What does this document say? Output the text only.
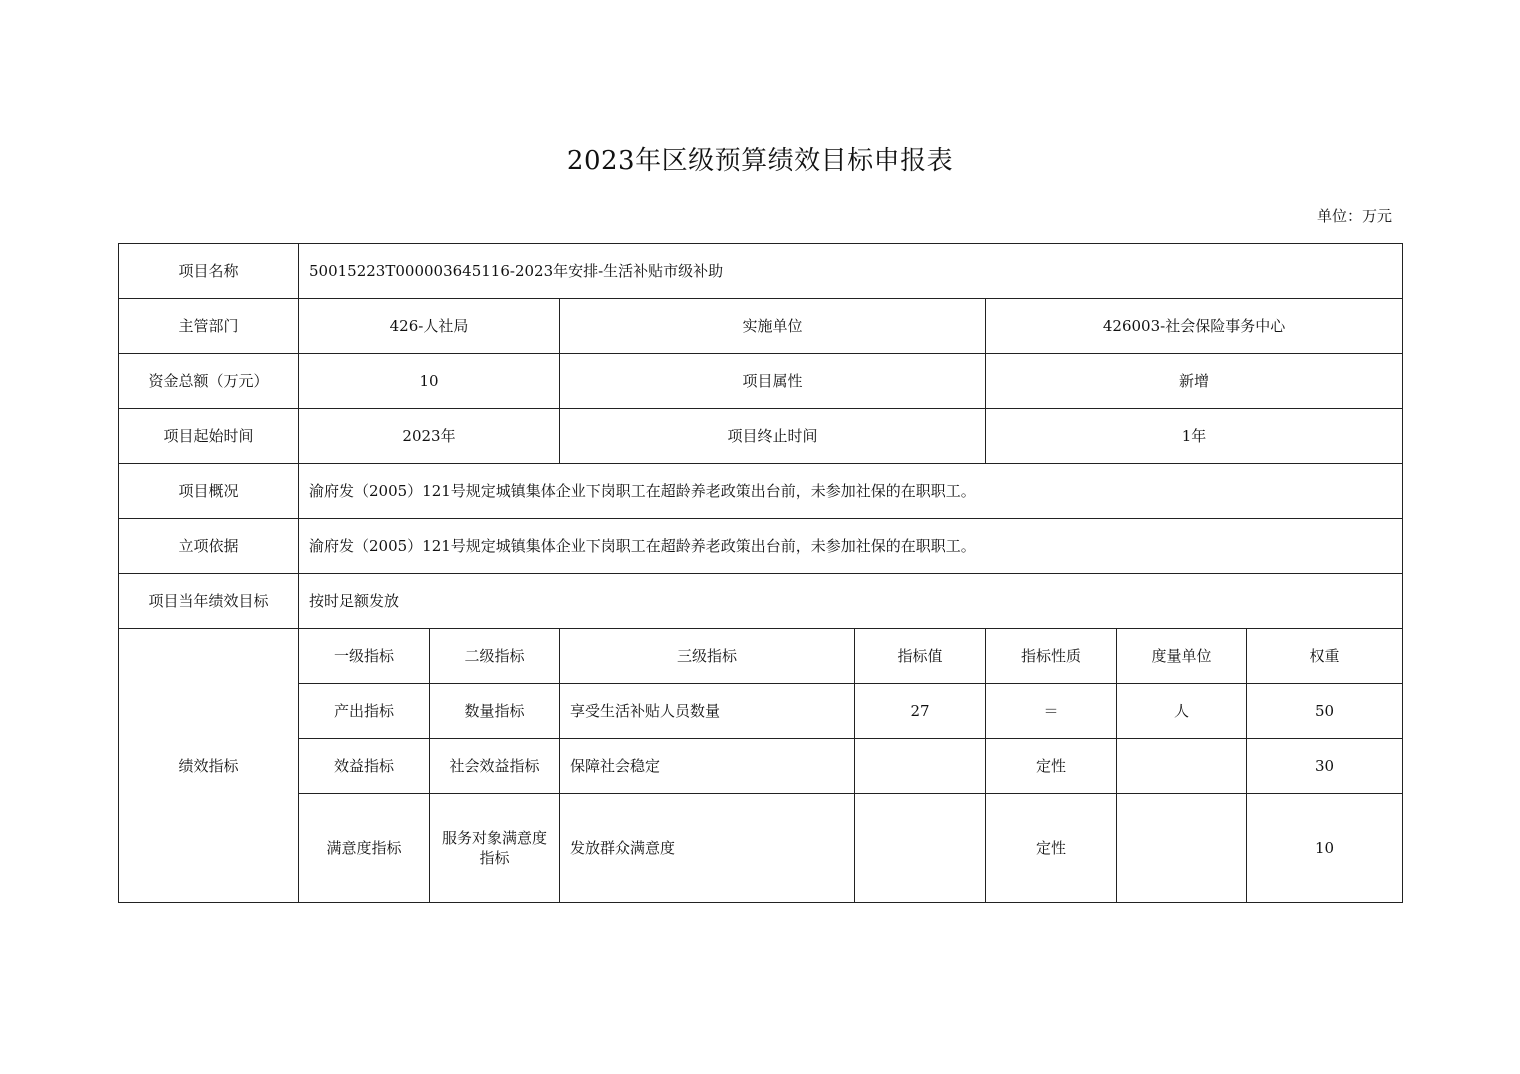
2023年区级预算绩效目标申报表
单位：万元
项目名称	50015223T000003645116-2023年安排-生活补贴市级补助						
主管部门	426-人社局		实施单位		426003-社会保险事务中心		
资金总额（万元）	10		项目属性		新增		
项目起始时间	2023年		项目终止时间		1年		
项目概况	渝府发（2005）121号规定城镇集体企业下岗职工在超龄养老政策出台前，未参加社保的在职职工。						
立项依据	渝府发（2005）121号规定城镇集体企业下岗职工在超龄养老政策出台前，未参加社保的在职职工。						
项目当年绩效目标	按时足额发放						
绩效指标	一级指标	二级指标	三级指标	指标值	指标性质	度量单位	权重
	产出指标	数量指标	享受生活补贴人员数量	27	＝	人	50
	效益指标	社会效益指标	保障社会稳定		定性		30
	满意度指标	服务对象满意度指标	发放群众满意度		定性		10
